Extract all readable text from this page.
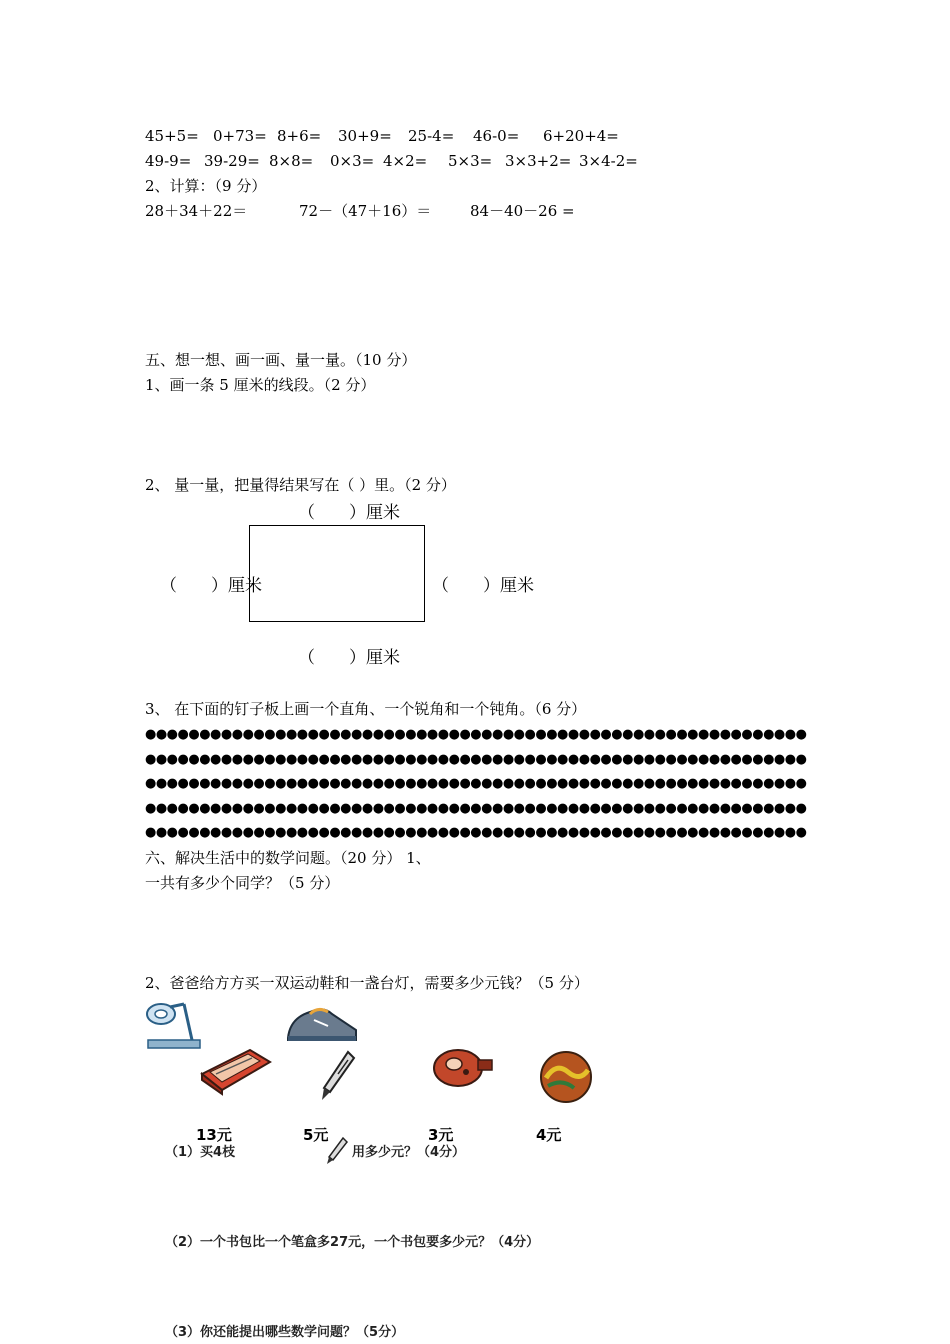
45+5= 0+73= 8+6= 30+9= 25-4= 46-0= 6+20+4=
49-9= 39-29= 8×8= 0×3= 4×2= 5×3= 3×3+2= 3×4-2=
2、计算：（9 分）
28＋34＋22＝	72－（47＋16）＝	84－40－26 =
五、想一想、画一画、量一量。（10 分）
1、画一条 5 厘米的线段。（2 分）
2、 量一量，把量得结果写在（ ）里。（2 分）
（　　）厘米
（　　）厘米	（　　）厘米
（　　）厘米
3、 在下面的钉子板上画一个直角、一个锐角和一个钝角。（6 分）
●●●●●●●●●●●●●●●●●●●●●●●●●●●●●●●●●●●●●●●●●●●●●●●●●●●●●●●●●●●●●
●●●●●●●●●●●●●●●●●●●●●●●●●●●●●●●●●●●●●●●●●●●●●●●●●●●●●●●●●●●●●
●●●●●●●●●●●●●●●●●●●●●●●●●●●●●●●●●●●●●●●●●●●●●●●●●●●●●●●●●●●●●
●●●●●●●●●●●●●●●●●●●●●●●●●●●●●●●●●●●●●●●●●●●●●●●●●●●●●●●●●●●●●
●●●●●●●●●●●●●●●●●●●●●●●●●●●●●●●●●●●●●●●●●●●●●●●●●●●●●●●●●●●●●
六、解决生活中的数学问题。（20 分） 1、
一共有多少个同学？（5 分）
2、爸爸给方方买一双运动鞋和一盏台灯，需要多少元钱？（5 分）
13元	5元	3元	4元
（1）买4枝	用多少元？（4分）
（2）一个书包比一个笔盒多27元，一个书包要多少元？（4分）
（3）你还能提出哪些数学问题？（5分）
